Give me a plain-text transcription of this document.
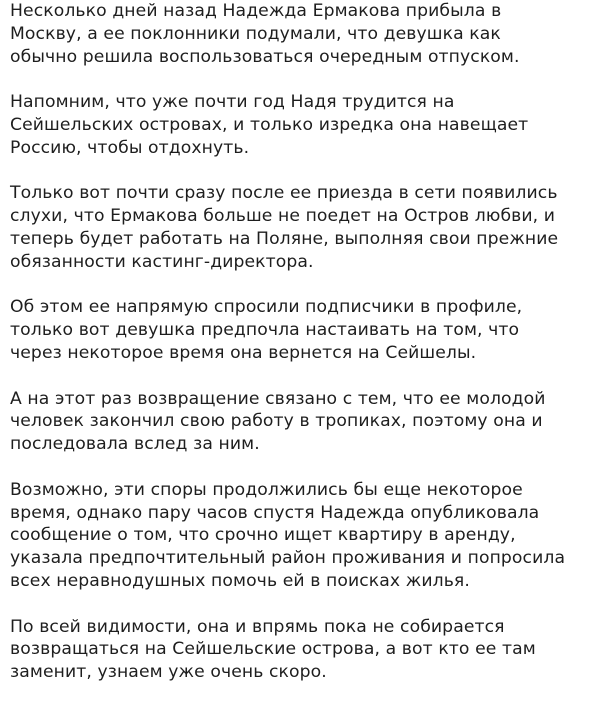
Несколько дней назад Надежда Ермакова прибыла в
Москву, а ее поклонники подумали, что девушка как
обычно решила воспользоваться очередным отпуском.

Напомним, что уже почти год Надя трудится на
Сейшельских островах, и только изредка она навещает
Россию, чтобы отдохнуть.

Только вот почти сразу после ее приезда в сети появились
слухи, что Ермакова больше не поедет на Остров любви, и
теперь будет работать на Поляне, выполняя свои прежние
обязанности кастинг-директора.

Об этом ее напрямую спросили подписчики в профиле,
только вот девушка предпочла настаивать на том, что
через некоторое время она вернется на Сейшелы.

А на этот раз возвращение связано с тем, что ее молодой
человек закончил свою работу в тропиках, поэтому она и
последовала вслед за ним.

Возможно, эти споры продолжились бы еще некоторое
время, однако пару часов спустя Надежда опубликовала
сообщение о том, что срочно ищет квартиру в аренду,
указала предпочтительный район проживания и попросила
всех неравнодушных помочь ей в поисках жилья.

По всей видимости, она и впрямь пока не собирается
возвращаться на Сейшельские острова, а вот кто ее там
заменит, узнаем уже очень скоро.
